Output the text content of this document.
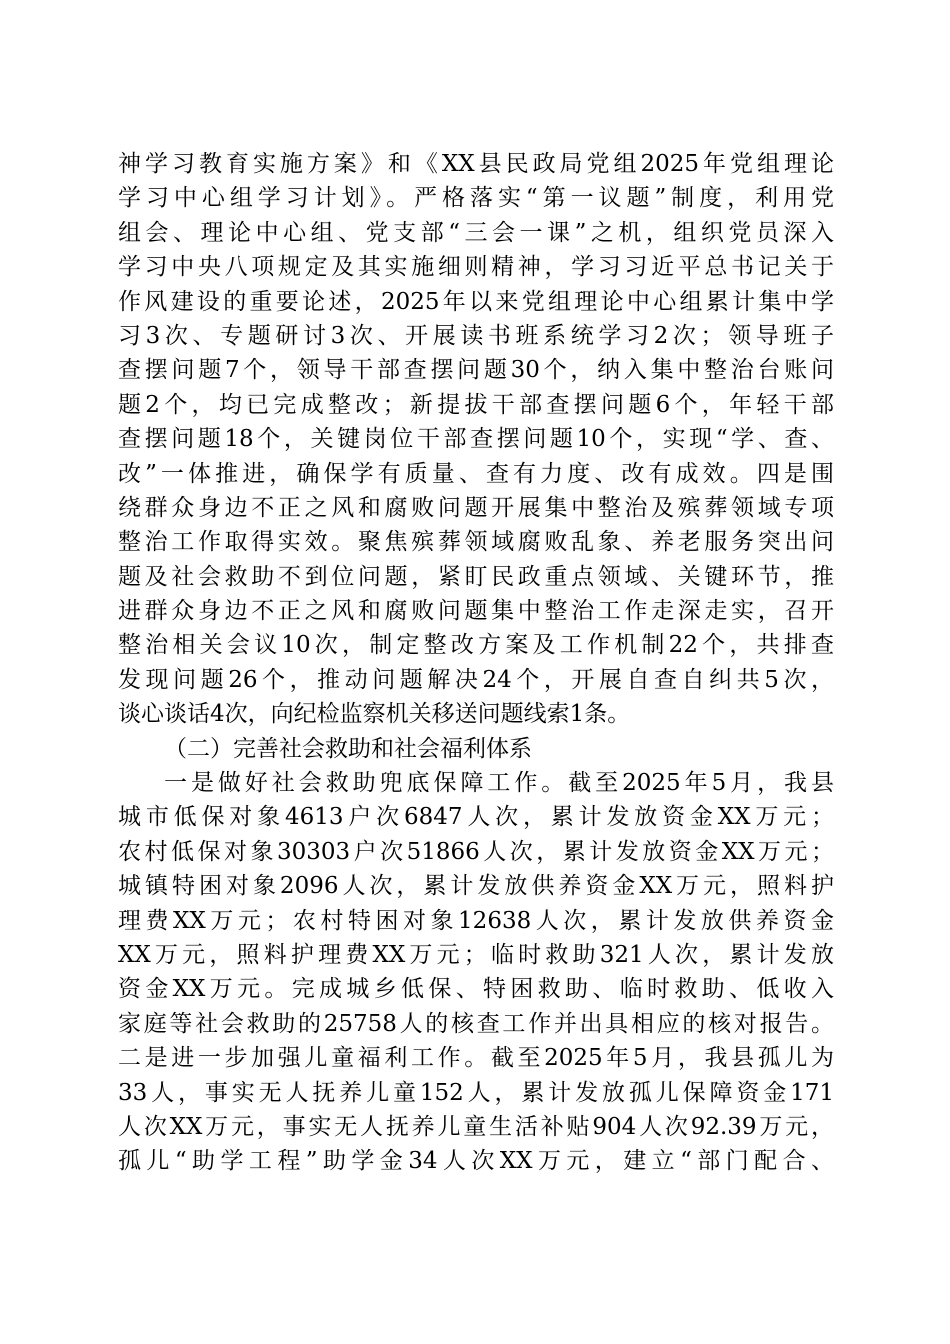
神学习教育实施方案》和《XX县民政局党组2025年党组理论
学习中心组学习计划》。严格落实“第一议题”制度，利用党
组会、理论中心组、党支部“三会一课”之机，组织党员深入
学习中央八项规定及其实施细则精神，学习习近平总书记关于
作风建设的重要论述，2025年以来党组理论中心组累计集中学
习3次、专题研讨3次、开展读书班系统学习2次；领导班子
查摆问题7个，领导干部查摆问题30个，纳入集中整治台账问
题2个，均已完成整改；新提拔干部查摆问题6个，年轻干部
查摆问题18个，关键岗位干部查摆问题10个，实现“学、查、
改”一体推进，确保学有质量、查有力度、改有成效。四是围
绕群众身边不正之风和腐败问题开展集中整治及殡葬领域专项
整治工作取得实效。聚焦殡葬领域腐败乱象、养老服务突出问
题及社会救助不到位问题，紧盯民政重点领域、关键环节，推
进群众身边不正之风和腐败问题集中整治工作走深走实，召开
整治相关会议10次，制定整改方案及工作机制22个，共排查
发现问题26个，推动问题解决24个，开展自查自纠共5次，
谈心谈话4次，向纪检监察机关移送问题线索1条。
（二）完善社会救助和社会福利体系
一是做好社会救助兜底保障工作。截至2025年5月，我县
城市低保对象4613户次6847人次，累计发放资金XX万元；
农村低保对象30303户次51866人次，累计发放资金XX万元；
城镇特困对象2096人次，累计发放供养资金XX万元，照料护
理费XX万元；农村特困对象12638人次，累计发放供养资金
XX万元，照料护理费XX万元；临时救助321人次，累计发放
资金XX万元。完成城乡低保、特困救助、临时救助、低收入
家庭等社会救助的25758人的核查工作并出具相应的核对报告。
二是进一步加强儿童福利工作。截至2025年5月，我县孤儿为
33人，事实无人抚养儿童152人，累计发放孤儿保障资金171
人次XX万元，事实无人抚养儿童生活补贴904人次92.39万元，
孤儿“助学工程”助学金34人次XX万元，建立“部门配合、
